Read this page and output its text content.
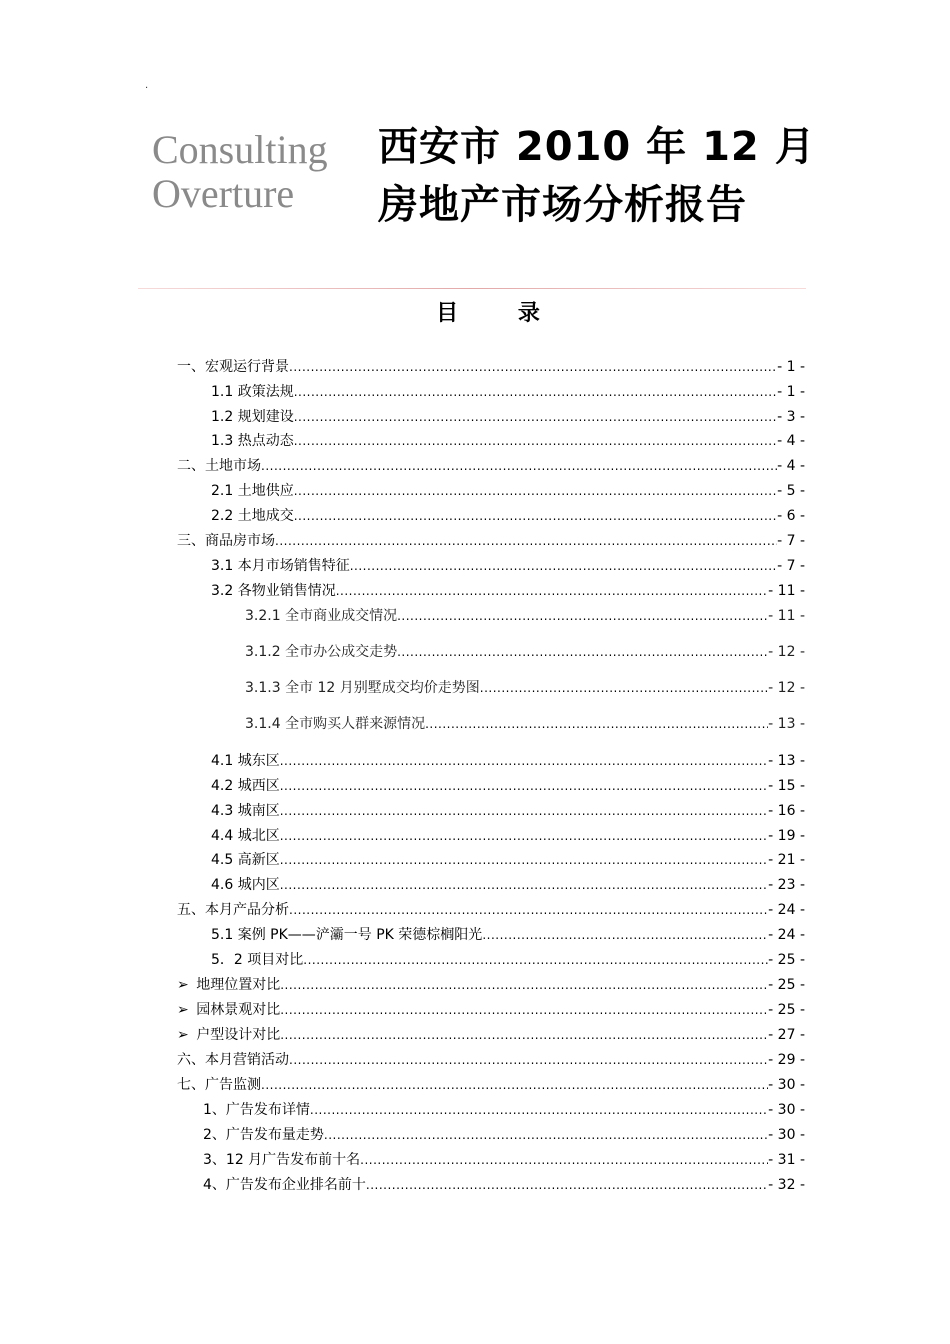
.
Consulting
Overture
西安市 2010 年 12 月
房地产市场分析报告
目 录
一、宏观运行背景 .....	- 1 -
1.1 政策法规 .....	- 1 -
1.2 规划建设 .....	- 3 -
1.3 热点动态 .....	- 4 -
二、土地市场 .....	- 4 -
2.1 土地供应 .....	- 5 -
2.2 土地成交 .....	- 6 -
三、商品房市场 .....	- 7 -
3.1 本月市场销售特征 .....	- 7 -
3.2 各物业销售情况 .....	- 11 -
3.2.1 全市商业成交情况 .....	- 11 -
3.1.2 全市办公成交走势 .....	- 12 -
3.1.3 全市 12 月别墅成交均价走势图 .....	- 12 -
3.1.4 全市购买人群来源情况 .....	- 13 -
4.1 城东区 .....	- 13 -
4.2 城西区 .....	- 15 -
4.3 城南区 .....	- 16 -
4.4 城北区 .....	- 19 -
4.5 高新区 .....	- 21 -
4.6 城内区 .....	- 23 -
五、本月产品分析 .....	- 24 -
5.1 案例 PK——浐灞一号 PK 荣德棕榈阳光 .....	- 24 -
5．2 项目对比 .....	- 25 -
➢ 地理位置对比 .....	- 25 -
➢ 园林景观对比 .....	- 25 -
➢ 户型设计对比 .....	- 27 -
六、本月营销活动 .....	- 29 -
七、广告监测 .....	- 30 -
1、广告发布详情 .....	- 30 -
2、广告发布量走势 .....	- 30 -
3、12 月广告发布前十名 .....	- 31 -
4、广告发布企业排名前十 .....	- 32 -
